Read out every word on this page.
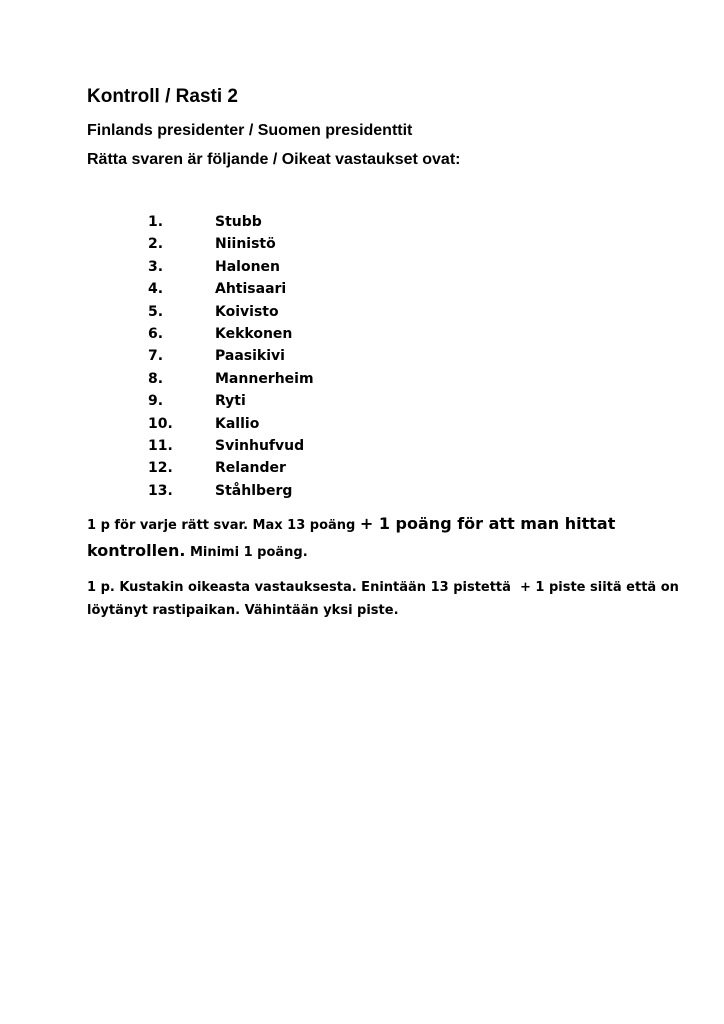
Kontroll / Rasti 2
Finlands presidenter / Suomen presidenttit
Rätta svaren är följande / Oikeat vastaukset ovat:
1.	Stubb
2.	Niinistö
3.	Halonen
4.	Ahtisaari
5.	Koivisto
6.	Kekkonen
7.	Paasikivi
8.	Mannerheim
9.	Ryti
10.	Kallio
11.	Svinhufvud
12.	Relander
13.	Ståhlberg

1 p för varje rätt svar. Max 13 poäng + 1 poäng för att man hittat

kontrollen. Minimi 1 poäng.

1 p. Kustakin oikeasta vastauksesta. Enintään 13 pistettä  + 1 piste siitä että on

löytänyt rastipaikan. Vähintään yksi piste.
